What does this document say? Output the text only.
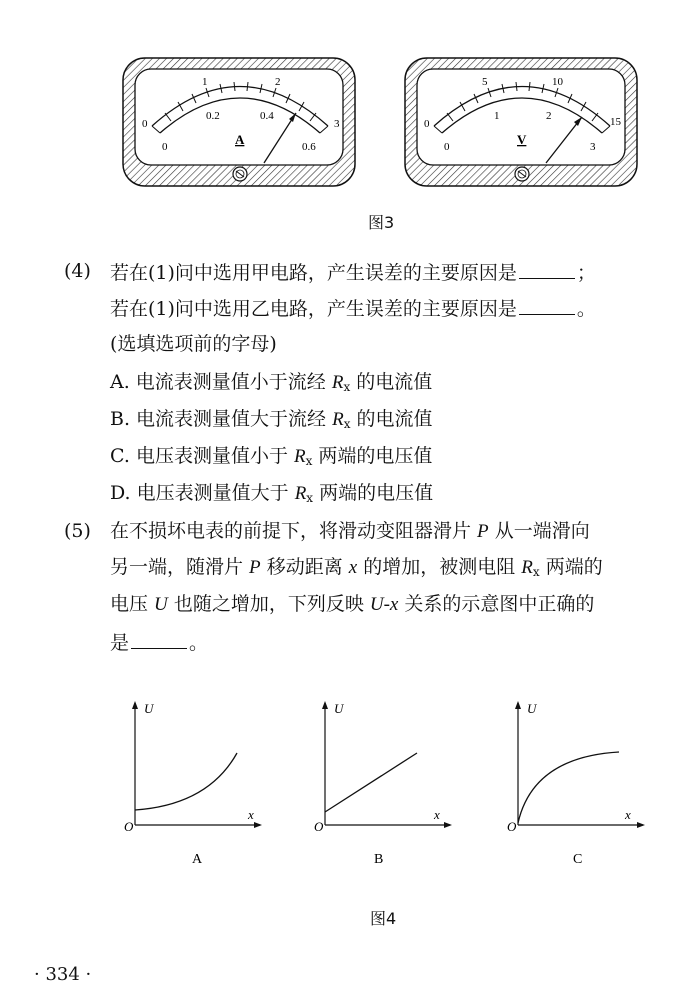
0
1	2
3
0
0.2	0.4
0.6
A
0
5	10
15
0
1	2
3
V
图3
(4) 若在(1)问中选用甲电路，产生误差的主要原因是	；
若在(1)问中选用乙电路，产生误差的主要原因是	。
(选填选项前的字母)
A. 电流表测量值小于流经 $R_x$ 的电流值
B. 电流表测量值大于流经 $R_x$ 的电流值
C. 电压表测量值小于 $R_x$ 两端的电压值
D. 电压表测量值大于 $R_x$ 两端的电压值
(5) 在不损坏电表的前提下，将滑动变阻器滑片 P 从一端滑向
另一端，随滑片 P 移动距离 x 的增加，被测电阻 $R_x$ 两端的
电压 U 也随之增加，下列反映 U-x 关系的示意图中正确的
是	。
U
x
O
A
U
x
O
B
U
x
O
C
图4
· 334 ·
